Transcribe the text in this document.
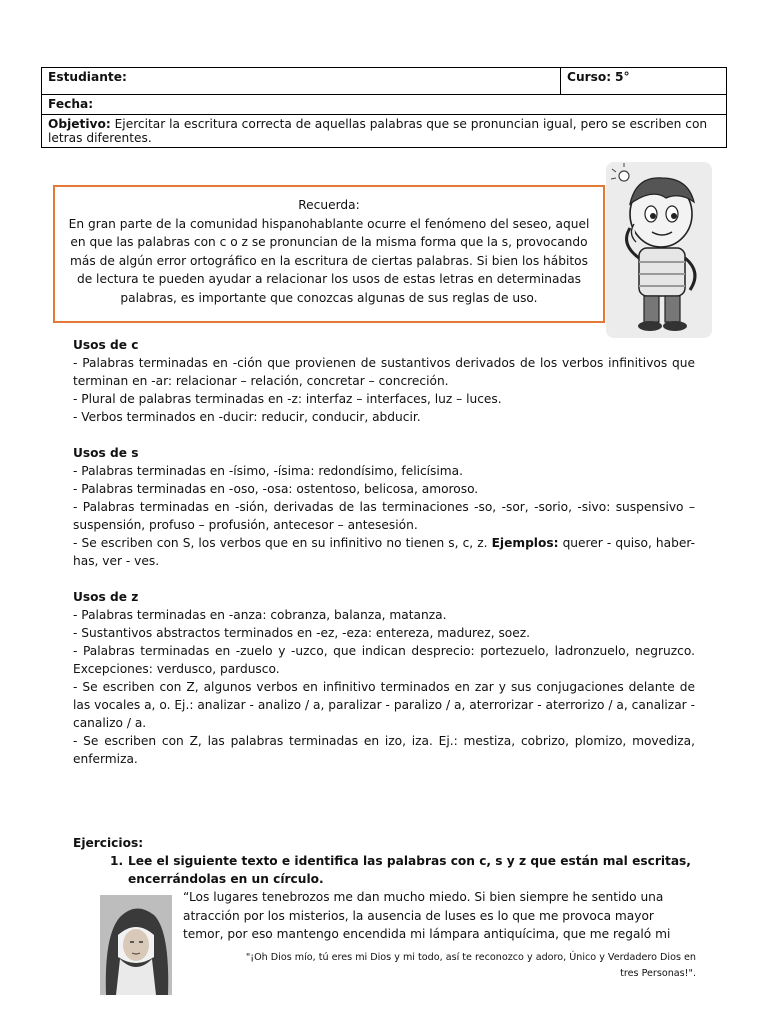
Estudiante:	Curso: 5°
Fecha:
Objetivo: Ejercitar la escritura correcta de aquellas palabras que se pronuncian igual, pero se escriben con letras diferentes.
Recuerda:
En gran parte de la comunidad hispanohablante ocurre el fenómeno del seseo, aquel en que las palabras con c o z se pronuncian de la misma forma que la s, provocando más de algún error ortográfico en la escritura de ciertas palabras. Si bien los hábitos de lectura te pueden ayudar a relacionar los usos de estas letras en determinadas palabras, es importante que conozcas algunas de sus reglas de uso.

Usos de c

- Palabras terminadas en -ción que provienen de sustantivos derivados de los verbos infinitivos que terminan en -ar: relacionar – relación, concretar – concreción.

- Plural de palabras terminadas en -z: interfaz – interfaces, luz – luces.

- Verbos terminados en -ducir: reducir, conducir, abducir.

Usos de s

- Palabras terminadas en -ísimo, -ísima: redondísimo, felicísima.

- Palabras terminadas en -oso, -osa: ostentoso, belicosa, amoroso.

- Palabras terminadas en -sión, derivadas de las terminaciones -so, -sor, -sorio, -sivo: suspensivo – suspensión, profuso – profusión, antecesor – antesesión.

- Se escriben con S, los verbos que en su infinitivo no tienen s, c, z. Ejemplos: querer - quiso, haber- has, ver - ves.

Usos de z

- Palabras terminadas en -anza: cobranza, balanza, matanza.

- Sustantivos abstractos terminados en -ez, -eza: entereza, madurez, soez.

- Palabras terminadas en -zuelo y -uzco, que indican desprecio: portezuelo, ladronzuelo, negruzco. Excepciones: verdusco, pardusco.

- Se escriben con Z, algunos verbos en infinitivo terminados en zar y sus conjugaciones delante de las vocales a, o. Ej.: analizar - analizo / a, paralizar - paralizo / a, aterrorizar - aterrorizo / a, canalizar - canalizo / a.

- Se escriben con Z, las palabras terminadas en izo, iza. Ej.: mestiza, cobrizo, plomizo, movediza, enfermiza.

Ejercicios:

1. Lee el siguiente texto e identifica las palabras con c, s y z que están mal escritas, encerrándolas en un círculo.
“Los lugares tenebrozos me dan mucho miedo. Si bien siempre he sentido una
atracción por los misterios, la ausencia de luses es lo que me provoca mayor
temor, por eso mantengo encendida mi lámpara antiquícima, que me regaló mi
"¡Oh Dios mío, tú eres mi Dios y mi todo, así te reconozco y adoro, Único y Verdadero Dios en
tres Personas!".
